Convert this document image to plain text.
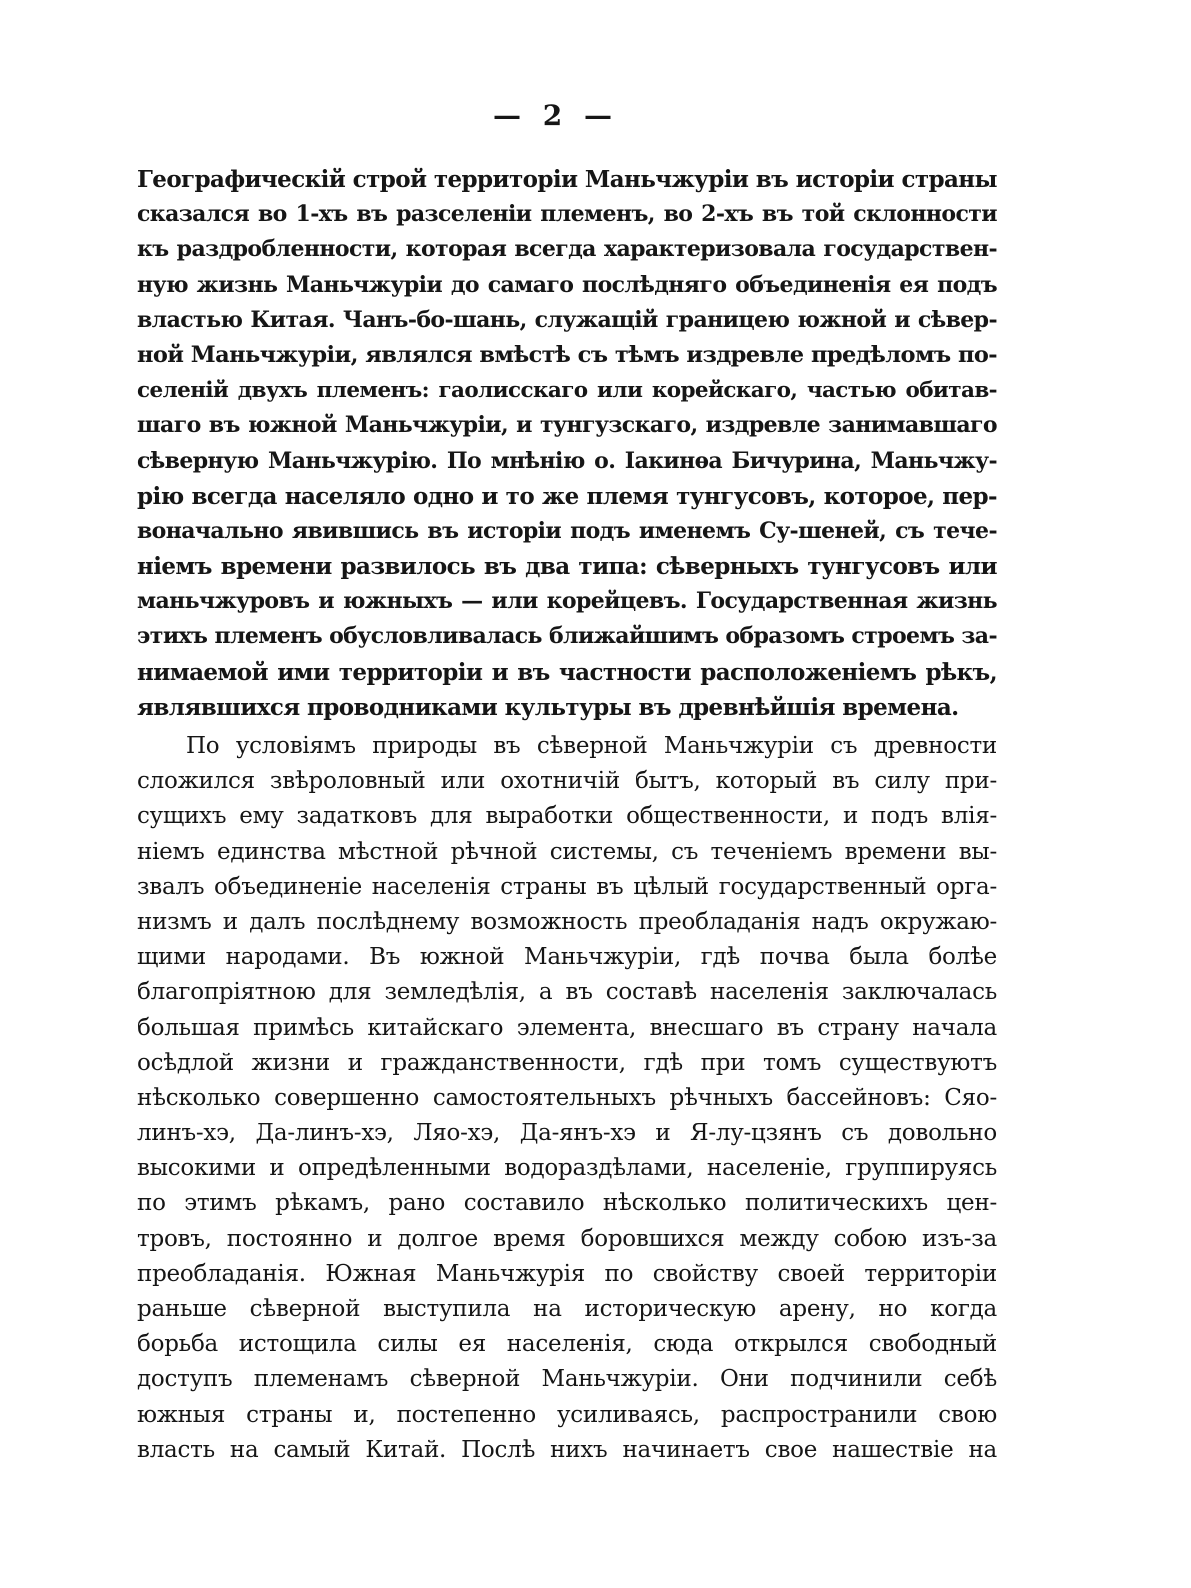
— 2 —
Географическiй строй территорiи Маньчжурiи въ исторiи страны
сказался во 1-хъ въ разселенiи племенъ, во 2-хъ въ той склонности
къ раздробленности, которая всегда характеризовала государствен-
ную жизнь Маньчжурiи до самаго послѣдняго объединенiя ея подъ
властью Китая. Чанъ-бо-шань, служащiй границею южной и сѣвер-
ной Маньчжурiи, являлся вмѣстѣ съ тѣмъ издревле предѣломъ по-
селенiй двухъ племенъ: гаолисскаго или корейскаго, частью обитав-
шаго въ южной Маньчжурiи, и тунгузскаго, издревле занимавшаго
сѣверную Маньчжурiю. По мнѣнiю о. Iакинѳа Бичурина, Маньчжу-
рiю всегда населяло одно и то же племя тунгусовъ, которое, пер-
воначально явившись въ исторiи подъ именемъ Су-шеней, съ тече-
нiемъ времени развилось въ два типа: сѣверныхъ тунгусовъ или
маньчжуровъ и южныхъ — или корейцевъ. Государственная жизнь
этихъ племенъ обусловливалась ближайшимъ образомъ строемъ за-
нимаемой ими территорiи и въ частности расположенiемъ рѣкъ,
являвшихся проводниками культуры въ древнѣйшiя времена.
По условiямъ природы въ сѣверной Маньчжурiи съ древности
сложился звѣроловный или охотничiй бытъ, который въ силу при-
сущихъ ему задатковъ для выработки общественности, и подъ влiя-
нiемъ единства мѣстной рѣчной системы, съ теченiемъ времени вы-
звалъ объединенiе населенiя страны въ цѣлый государственный орга-
низмъ и далъ послѣднему возможность преобладанiя надъ окружаю-
щими народами. Въ южной Маньчжурiи, гдѣ почва была болѣе
благопрiятною для земледѣлiя, а въ составѣ населенiя заключалась
большая примѣсь китайскаго элемента, внесшаго въ страну начала
осѣдлой жизни и гражданственности, гдѣ при томъ существуютъ
нѣсколько совершенно самостоятельныхъ рѣчныхъ бассейновъ: Сяо-
линъ-хэ, Да-линъ-хэ, Ляо-хэ, Да-янъ-хэ и Я-лу-цзянъ съ довольно
высокими и опредѣленными водораздѣлами, населенiе, группируясь
по этимъ рѣкамъ, рано составило нѣсколько политическихъ цен-
тровъ, постоянно и долгое время боровшихся между собою изъ-за
преобладанiя. Южная Маньчжурiя по свойству своей территорiи
раньше сѣверной выступила на историческую арену, но когда
борьба истощила силы ея населенiя, сюда открылся свободный
доступъ племенамъ сѣверной Маньчжурiи. Они подчинили себѣ
южныя страны и, постепенно усиливаясь, распространили свою
власть на самый Китай. Послѣ нихъ начинаетъ свое нашествiе на
